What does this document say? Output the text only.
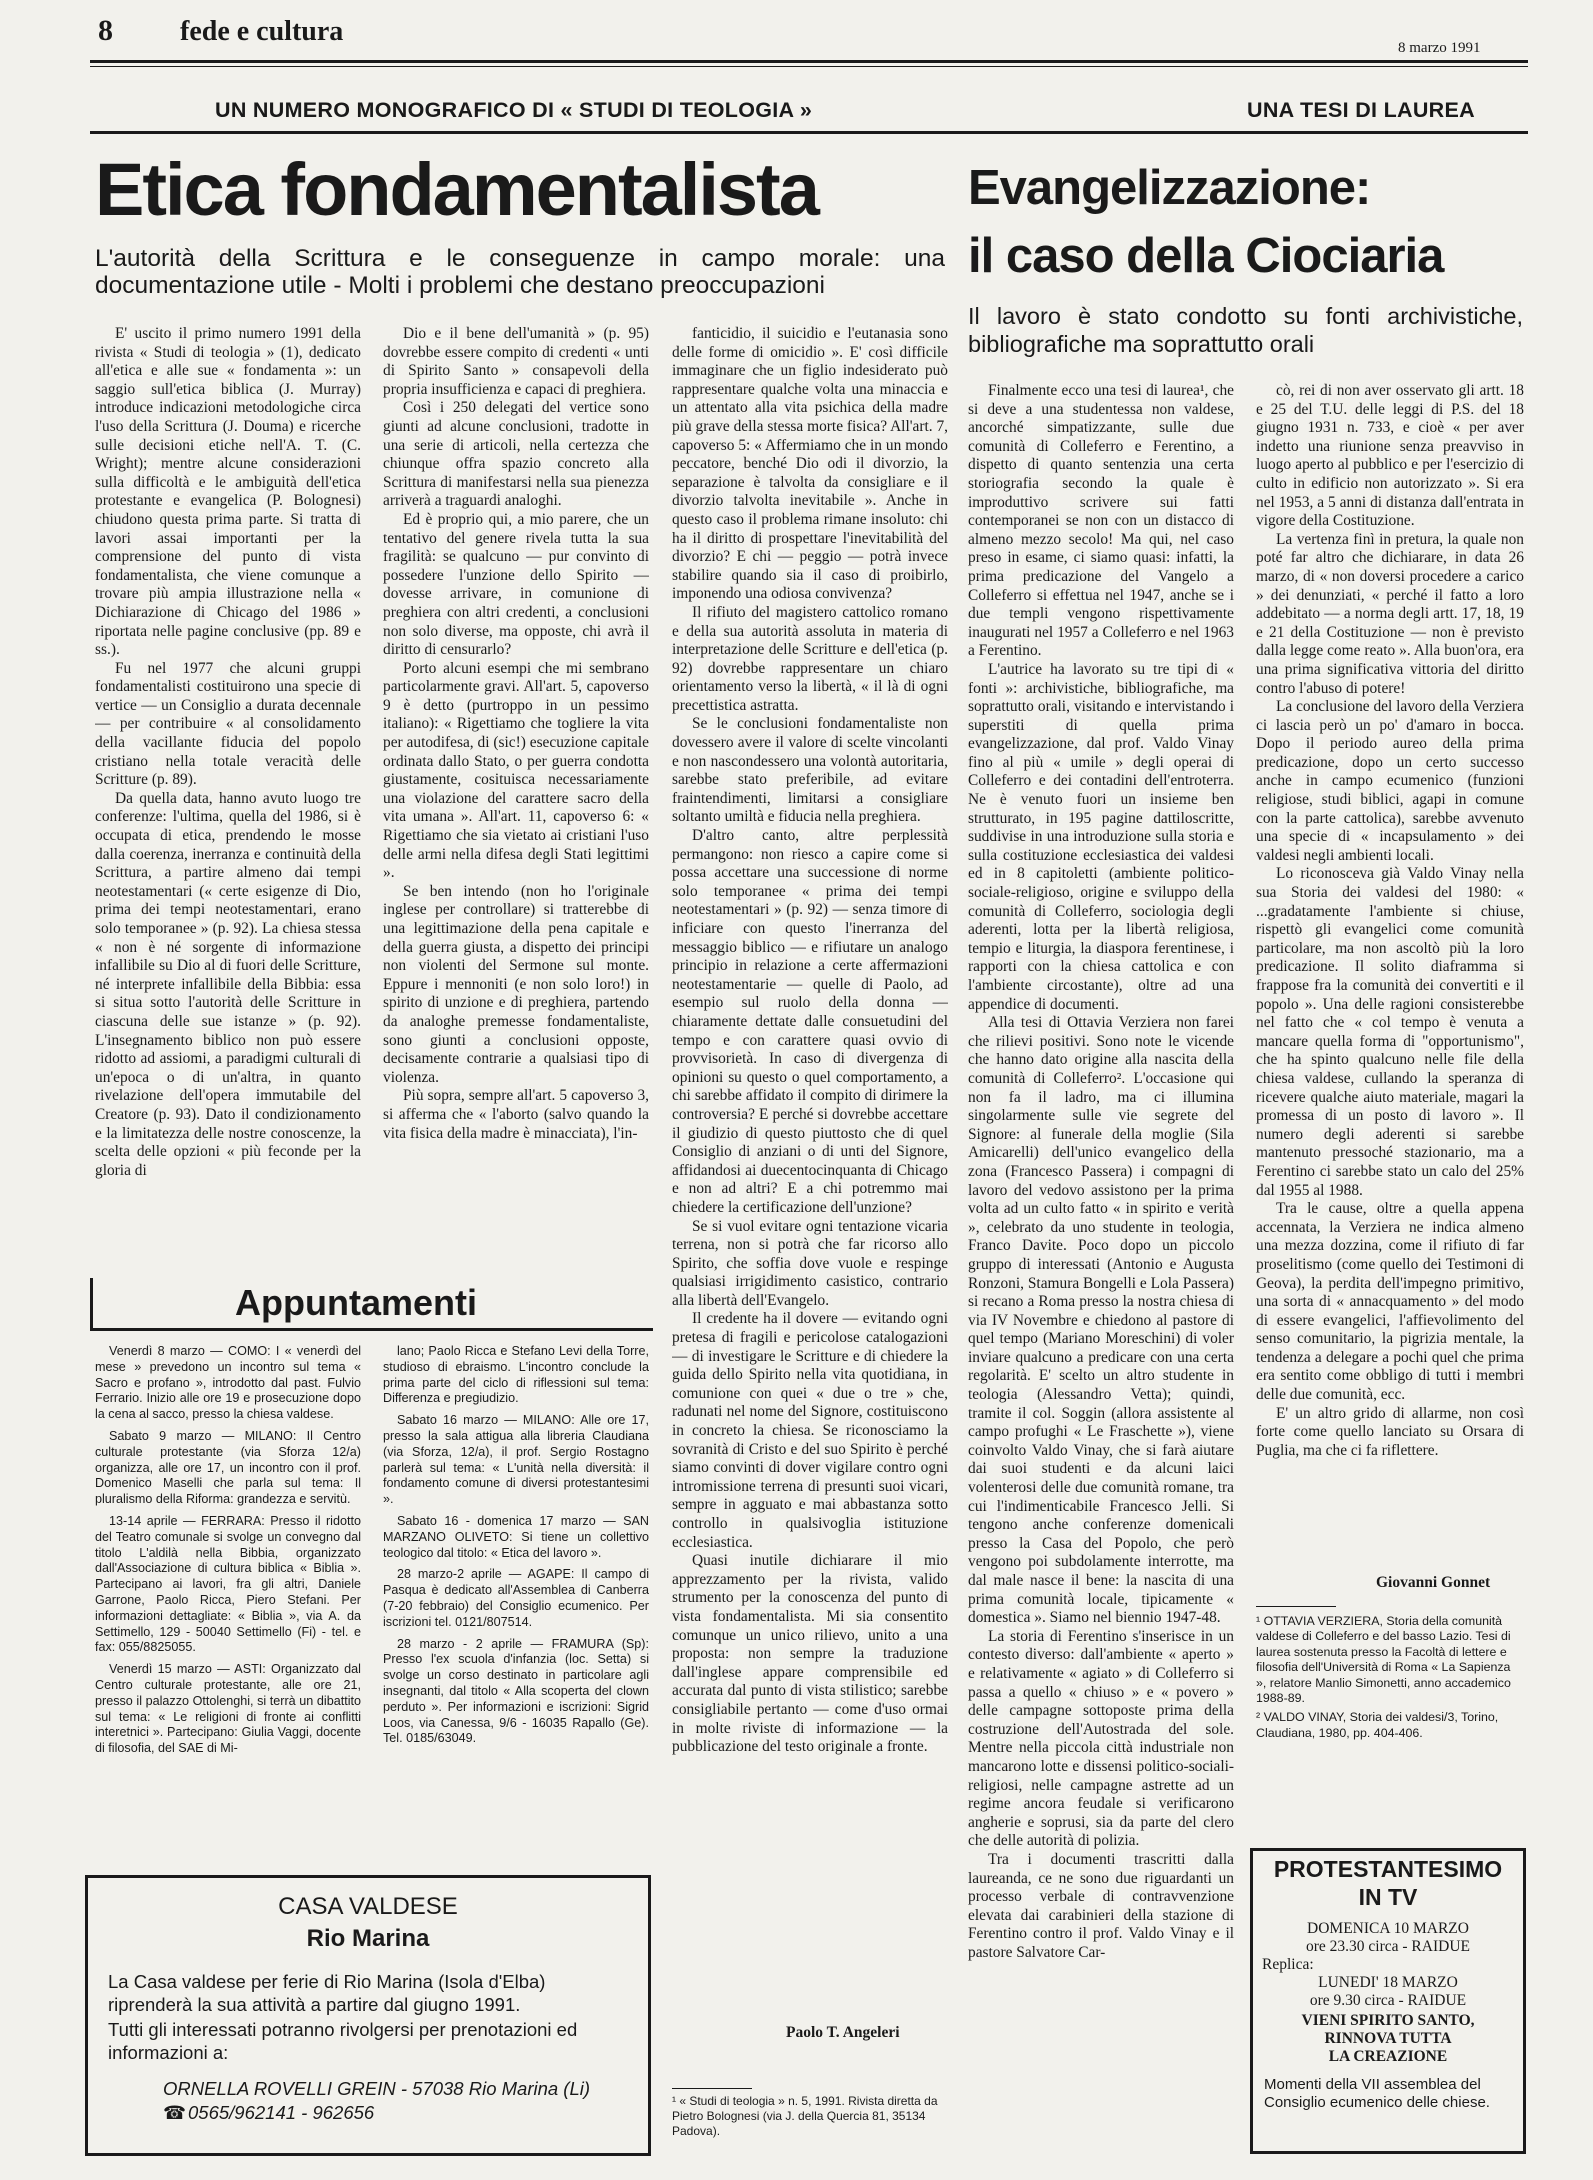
8 fede e cultura
8 marzo 1991
UN NUMERO MONOGRAFICO DI « STUDI DI TEOLOGIA »
Etica fondamentalista
L'autorità della Scrittura e le conseguenze in campo morale: una documentazione utile - Molti i problemi che destano preoccupazioni

E' uscito il primo numero 1991 della rivista « Studi di teologia » (1), dedicato all'etica e alle sue « fondamenta »: un saggio sull'etica biblica (J. Murray) introduce indicazioni metodologiche circa l'uso della Scrittura (J. Douma) e ricerche sulle decisioni etiche nell'A. T. (C. Wright); mentre alcune considerazioni sulla difficoltà e le ambiguità dell'etica protestante e evangelica (P. Bolognesi) chiudono questa prima parte. Si tratta di lavori assai importanti per la comprensione del punto di vista fondamentalista, che viene comunque a trovare più ampia illustrazione nella « Dichiarazione di Chicago del 1986 » riportata nelle pagine conclusive (pp. 89 e ss.).

Fu nel 1977 che alcuni gruppi fondamentalisti costituirono una specie di vertice — un Consiglio a durata decennale — per contribuire « al consolidamento della vacillante fiducia del popolo cristiano nella totale veracità delle Scritture (p. 89).

Da quella data, hanno avuto luogo tre conferenze: l'ultima, quella del 1986, si è occupata di etica, prendendo le mosse dalla coerenza, inerranza e continuità della Scrittura, a partire almeno dai tempi neotestamentari (« certe esigenze di Dio, prima dei tempi neotestamentari, erano solo temporanee » (p. 92). La chiesa stessa « non è né sorgente di informazione infallibile su Dio al di fuori delle Scritture, né interprete infallibile della Bibbia: essa si situa sotto l'autorità delle Scritture in ciascuna delle sue istanze » (p. 92). L'insegnamento biblico non può essere ridotto ad assiomi, a paradigmi culturali di un'epoca o di un'altra, in quanto rivelazione dell'opera immutabile del Creatore (p. 93). Dato il condizionamento e la limitatezza delle nostre conoscenze, la scelta delle opzioni « più feconde per la gloria di

Dio e il bene dell'umanità » (p. 95) dovrebbe essere compito di credenti « unti di Spirito Santo » consapevoli della propria insufficienza e capaci di preghiera.

Così i 250 delegati del vertice sono giunti ad alcune conclusioni, tradotte in una serie di articoli, nella certezza che chiunque offra spazio concreto alla Scrittura di manifestarsi nella sua pienezza arriverà a traguardi analoghi.

Ed è proprio qui, a mio parere, che un tentativo del genere rivela tutta la sua fragilità: se qualcuno — pur convinto di possedere l'unzione dello Spirito — dovesse arrivare, in comunione di preghiera con altri credenti, a conclusioni non solo diverse, ma opposte, chi avrà il diritto di censurarlo?

Porto alcuni esempi che mi sembrano particolarmente gravi. All'art. 5, capoverso 9 è detto (purtroppo in un pessimo italiano): « Rigettiamo che togliere la vita per autodifesa, di (sic!) esecuzione capitale ordinata dallo Stato, o per guerra condotta giustamente, cosituisca necessariamente una violazione del carattere sacro della vita umana ». All'art. 11, capoverso 6: « Rigettiamo che sia vietato ai cristiani l'uso delle armi nella difesa degli Stati legittimi ».

Se ben intendo (non ho l'originale inglese per controllare) si tratterebbe di una legittimazione della pena capitale e della guerra giusta, a dispetto dei principi non violenti del Sermone sul monte. Eppure i mennoniti (e non solo loro!) in spirito di unzione e di preghiera, partendo da analoghe premesse fondamentaliste, sono giunti a conclusioni opposte, decisamente contrarie a qualsiasi tipo di violenza.

Più sopra, sempre all'art. 5 capoverso 3, si afferma che « l'aborto (salvo quando la vita fisica della madre è minacciata), l'in-

fanticidio, il suicidio e l'eutanasia sono delle forme di omicidio ». E' così difficile immaginare che un figlio indesiderato può rappresentare qualche volta una minaccia e un attentato alla vita psichica della madre più grave della stessa morte fisica? All'art. 7, capoverso 5: « Affermiamo che in un mondo peccatore, benché Dio odi il divorzio, la separazione è talvolta da consigliare e il divorzio talvolta inevitabile ». Anche in questo caso il problema rimane insoluto: chi ha il diritto di prospettare l'inevitabilità del divorzio? E chi — peggio — potrà invece stabilire quando sia il caso di proibirlo, imponendo una odiosa convivenza?

Il rifiuto del magistero cattolico romano e della sua autorità assoluta in materia di interpretazione delle Scritture e dell'etica (p. 92) dovrebbe rappresentare un chiaro orientamento verso la libertà, « il là di ogni precettistica astratta.

Se le conclusioni fondamentaliste non dovessero avere il valore di scelte vincolanti e non nascondessero una volontà autoritaria, sarebbe stato preferibile, ad evitare fraintendimenti, limitarsi a consigliare soltanto umiltà e fiducia nella preghiera.

D'altro canto, altre perplessità permangono: non riesco a capire come si possa accettare una successione di norme solo temporanee « prima dei tempi neotestamentari » (p. 92) — senza timore di inficiare con questo l'inerranza del messaggio biblico — e rifiutare un analogo principio in relazione a certe affermazioni neotestamentarie — quelle di Paolo, ad esempio sul ruolo della donna — chiaramente dettate dalle consuetudini del tempo e con carattere quasi ovvio di provvisorietà. In caso di divergenza di opinioni su questo o quel comportamento, a chi sarebbe affidato il compito di dirimere la controversia? E perché si dovrebbe accettare il giudizio di questo piuttosto che di quel Consiglio di anziani o di unti del Signore, affidandosi ai duecentocinquanta di Chicago e non ad altri? E a chi potremmo mai chiedere la certificazione dell'unzione?

Se si vuol evitare ogni tentazione vicaria terrena, non si potrà che far ricorso allo Spirito, che soffia dove vuole e respinge qualsiasi irrigidimento casistico, contrario alla libertà dell'Evangelo.

Il credente ha il dovere — evitando ogni pretesa di fragili e pericolose catalogazioni — di investigare le Scritture e di chiedere la guida dello Spirito nella vita quotidiana, in comunione con quei « due o tre » che, radunati nel nome del Signore, costituiscono in concreto la chiesa. Se riconosciamo la sovranità di Cristo e del suo Spirito è perché siamo convinti di dover vigilare contro ogni intromissione terrena di presunti suoi vicari, sempre in agguato e mai abbastanza sotto controllo in qualsivoglia istituzione ecclesiastica.

Quasi inutile dichiarare il mio apprezzamento per la rivista, valido strumento per la conoscenza del punto di vista fondamentalista. Mi sia consentito comunque un unico rilievo, unito a una proposta: non sempre la traduzione dall'inglese appare comprensibile ed accurata dal punto di vista stilistico; sarebbe consigliabile pertanto — come d'uso ormai in molte riviste di informazione — la pubblicazione del testo originale a fronte.

Paolo T. Angeleri
¹ « Studi di teologia » n. 5, 1991. Rivista diretta da Pietro Bolognesi (via J. della Quercia 81, 35134 Padova).
Appuntamenti

Venerdì 8 marzo — COMO: I « venerdì del mese » prevedono un incontro sul tema « Sacro e profano », introdotto dal past. Fulvio Ferrario. Inizio alle ore 19 e prosecuzione dopo la cena al sacco, presso la chiesa valdese.

Sabato 9 marzo — MILANO: Il Centro culturale protestante (via Sforza 12/a) organizza, alle ore 17, un incontro con il prof. Domenico Maselli che parla sul tema: Il pluralismo della Riforma: grandezza e servitù.

13-14 aprile — FERRARA: Presso il ridotto del Teatro comunale si svolge un convegno dal titolo L'aldilà nella Bibbia, organizzato dall'Associazione di cultura biblica « Biblia ». Partecipano ai lavori, fra gli altri, Daniele Garrone, Paolo Ricca, Piero Stefani. Per informazioni dettagliate: « Biblia », via A. da Settimello, 129 - 50040 Settimello (Fi) - tel. e fax: 055/8825055.

Venerdì 15 marzo — ASTI: Organizzato dal Centro culturale protestante, alle ore 21, presso il palazzo Ottolenghi, si terrà un dibattito sul tema: « Le religioni di fronte ai conflitti interetnici ». Partecipano: Giulia Vaggi, docente di filosofia, del SAE di Mi-

lano; Paolo Ricca e Stefano Levi della Torre, studioso di ebraismo. L'incontro conclude la prima parte del ciclo di riflessioni sul tema: Differenza e pregiudizio.

Sabato 16 marzo — MILANO: Alle ore 17, presso la sala attigua alla libreria Claudiana (via Sforza, 12/a), il prof. Sergio Rostagno parlerà sul tema: « L'unità nella diversità: il fondamento comune di diversi protestantesimi ».

Sabato 16 - domenica 17 marzo — SAN MARZANO OLIVETO: Si tiene un collettivo teologico dal titolo: « Etica del lavoro ».

28 marzo-2 aprile — AGAPE: Il campo di Pasqua è dedicato all'Assemblea di Canberra (7-20 febbraio) del Consiglio ecumenico. Per iscrizioni tel. 0121/807514.

28 marzo - 2 aprile — FRAMURA (Sp): Presso l'ex scuola d'infanzia (loc. Setta) si svolge un corso destinato in particolare agli insegnanti, dal titolo « Alla scoperta del clown perduto ». Per informazioni e iscrizioni: Sigrid Loos, via Canessa, 9/6 - 16035 Rapallo (Ge). Tel. 0185/63049.

CASA VALDESE
Rio Marina
La Casa valdese per ferie di Rio Marina (Isola d'Elba) riprenderà la sua attività a partire dal giugno 1991.
Tutti gli interessati potranno rivolgersi per prenotazioni ed informazioni a:
ORNELLA ROVELLI GREIN - 57038 Rio Marina (Li)
☎ 0565/962141 - 962656
UNA TESI DI LAUREA
Evangelizzazione:
il caso della Ciociaria
Il lavoro è stato condotto su fonti archivistiche, bibliografiche ma soprattutto orali

Finalmente ecco una tesi di laurea¹, che si deve a una studentessa non valdese, ancorché simpatizzante, sulle due comunità di Colleferro e Ferentino, a dispetto di quanto sentenzia una certa storiografia secondo la quale è improduttivo scrivere sui fatti contemporanei se non con un distacco di almeno mezzo secolo! Ma qui, nel caso preso in esame, ci siamo quasi: infatti, la prima predicazione del Vangelo a Colleferro si effettua nel 1947, anche se i due templi vengono rispettivamente inaugurati nel 1957 a Colleferro e nel 1963 a Ferentino.

L'autrice ha lavorato su tre tipi di « fonti »: archivistiche, bibliografiche, ma soprattutto orali, visitando e intervistando i superstiti di quella prima evangelizzazione, dal prof. Valdo Vinay fino al più « umile » degli operai di Colleferro e dei contadini dell'entroterra. Ne è venuto fuori un insieme ben strutturato, in 195 pagine dattiloscritte, suddivise in una introduzione sulla storia e sulla costituzione ecclesiastica dei valdesi ed in 8 capitoletti (ambiente politico-sociale-religioso, origine e sviluppo della comunità di Colleferro, sociologia degli aderenti, lotta per la libertà religiosa, tempio e liturgia, la diaspora ferentinese, i rapporti con la chiesa cattolica e con l'ambiente circostante), oltre ad una appendice di documenti.

Alla tesi di Ottavia Verziera non farei che rilievi positivi. Sono note le vicende che hanno dato origine alla nascita della comunità di Colleferro². L'occasione qui non fa il ladro, ma ci illumina singolarmente sulle vie segrete del Signore: al funerale della moglie (Sila Amicarelli) dell'unico evangelico della zona (Francesco Passera) i compagni di lavoro del vedovo assistono per la prima volta ad un culto fatto « in spirito e verità », celebrato da uno studente in teologia, Franco Davite. Poco dopo un piccolo gruppo di interessati (Antonio e Augusta Ronzoni, Stamura Bongelli e Lola Passera) si recano a Roma presso la nostra chiesa di via IV Novembre e chiedono al pastore di quel tempo (Mariano Moreschini) di voler inviare qualcuno a predicare con una certa regolarità. E' scelto un altro studente in teologia (Alessandro Vetta); quindi, tramite il col. Soggin (allora assistente al campo profughi « Le Fraschette »), viene coinvolto Valdo Vinay, che si farà aiutare dai suoi studenti e da alcuni laici volenterosi delle due comunità romane, tra cui l'indimenticabile Francesco Jelli. Si tengono anche conferenze domenicali presso la Casa del Popolo, che però vengono poi subdolamente interrotte, ma dal male nasce il bene: la nascita di una prima comunità locale, tipicamente « domestica ». Siamo nel biennio 1947-48.

La storia di Ferentino s'inserisce in un contesto diverso: dall'ambiente « aperto » e relativamente « agiato » di Colleferro si passa a quello « chiuso » e « povero » delle campagne sottoposte prima della costruzione dell'Autostrada del sole. Mentre nella piccola città industriale non mancarono lotte e dissensi politico-sociali-religiosi, nelle campagne astrette ad un regime ancora feudale si verificarono angherie e soprusi, sia da parte del clero che delle autorità di polizia.

Tra i documenti trascritti dalla laureanda, ce ne sono due riguardanti un processo verbale di contravvenzione elevata dai carabinieri della stazione di Ferentino contro il prof. Valdo Vinay e il pastore Salvatore Car-

cò, rei di non aver osservato gli artt. 18 e 25 del T.U. delle leggi di P.S. del 18 giugno 1931 n. 733, e cioè « per aver indetto una riunione senza preavviso in luogo aperto al pubblico e per l'esercizio di culto in edificio non autorizzato ». Si era nel 1953, a 5 anni di distanza dall'entrata in vigore della Costituzione.

La vertenza finì in pretura, la quale non poté far altro che dichiarare, in data 26 marzo, di « non doversi procedere a carico » dei denunziati, « perché il fatto a loro addebitato — a norma degli artt. 17, 18, 19 e 21 della Costituzione — non è previsto dalla legge come reato ». Alla buon'ora, era una prima significativa vittoria del diritto contro l'abuso di potere!

La conclusione del lavoro della Verziera ci lascia però un po' d'amaro in bocca. Dopo il periodo aureo della prima predicazione, dopo un certo successo anche in campo ecumenico (funzioni religiose, studi biblici, agapi in comune con la parte cattolica), sarebbe avvenuto una specie di « incapsulamento » dei valdesi negli ambienti locali.

Lo riconosceva già Valdo Vinay nella sua Storia dei valdesi del 1980: « ...gradatamente l'ambiente si chiuse, rispettò gli evangelici come comunità particolare, ma non ascoltò più la loro predicazione. Il solito diaframma si frappose fra la comunità dei convertiti e il popolo ». Una delle ragioni consisterebbe nel fatto che « col tempo è venuta a mancare quella forma di "opportunismo", che ha spinto qualcuno nelle file della chiesa valdese, cullando la speranza di ricevere qualche aiuto materiale, magari la promessa di un posto di lavoro ». Il numero degli aderenti si sarebbe mantenuto pressoché stazionario, ma a Ferentino ci sarebbe stato un calo del 25% dal 1955 al 1988.

Tra le cause, oltre a quella appena accennata, la Verziera ne indica almeno una mezza dozzina, come il rifiuto di far proselitismo (come quello dei Testimoni di Geova), la perdita dell'impegno primitivo, una sorta di « annacquamento » del modo di essere evangelici, l'affievolimento del senso comunitario, la pigrizia mentale, la tendenza a delegare a pochi quel che prima era sentito come obbligo di tutti i membri delle due comunità, ecc.

E' un altro grido di allarme, non così forte come quello lanciato su Orsara di Puglia, ma che ci fa riflettere.

Giovanni Gonnet

¹ OTTAVIA VERZIERA, Storia della comunità valdese di Colleferro e del basso Lazio. Tesi di laurea sostenuta presso la Facoltà di lettere e filosofia dell'Università di Roma « La Sapienza », relatore Manlio Simonetti, anno accademico 1988-89.

² VALDO VINAY, Storia dei valdesi/3, Torino, Claudiana, 1980, pp. 404-406.

PROTESTANTESIMO
IN TV
DOMENICA 10 MARZO
ore 23.30 circa - RAIDUE
Replica:
LUNEDI' 18 MARZO
ore 9.30 circa - RAIDUE
VIENI SPIRITO SANTO,
RINNOVA TUTTA
LA CREAZIONE
Momenti della VII assemblea del Consiglio ecumenico delle chiese.
